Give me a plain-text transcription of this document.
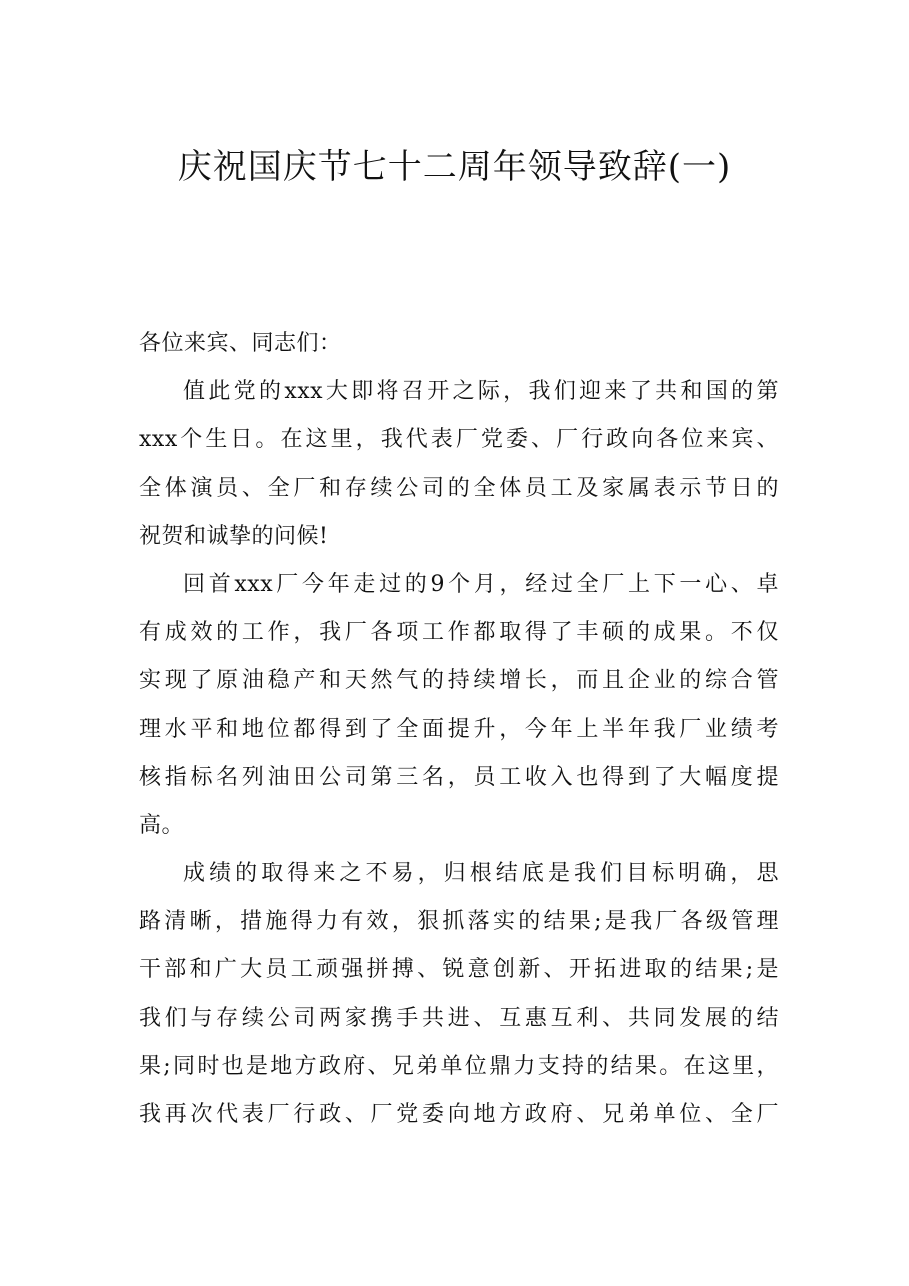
庆祝国庆节七十二周年领导致辞(一)
各位来宾、同志们：
值此党的xxx大即将召开之际，我们迎来了共和国的第
xxx个生日。在这里，我代表厂党委、厂行政向各位来宾、
全体演员、全厂和存续公司的全体员工及家属表示节日的
祝贺和诚挚的问候!
回首xxx厂今年走过的9个月，经过全厂上下一心、卓
有成效的工作，我厂各项工作都取得了丰硕的成果。不仅
实现了原油稳产和天然气的持续增长，而且企业的综合管
理水平和地位都得到了全面提升，今年上半年我厂业绩考
核指标名列油田公司第三名，员工收入也得到了大幅度提
高。
成绩的取得来之不易，归根结底是我们目标明确，思
路清晰，措施得力有效，狠抓落实的结果;是我厂各级管理
干部和广大员工顽强拼搏、锐意创新、开拓进取的结果;是
我们与存续公司两家携手共进、互惠互利、共同发展的结
果;同时也是地方政府、兄弟单位鼎力支持的结果。在这里，
我再次代表厂行政、厂党委向地方政府、兄弟单位、全厂
